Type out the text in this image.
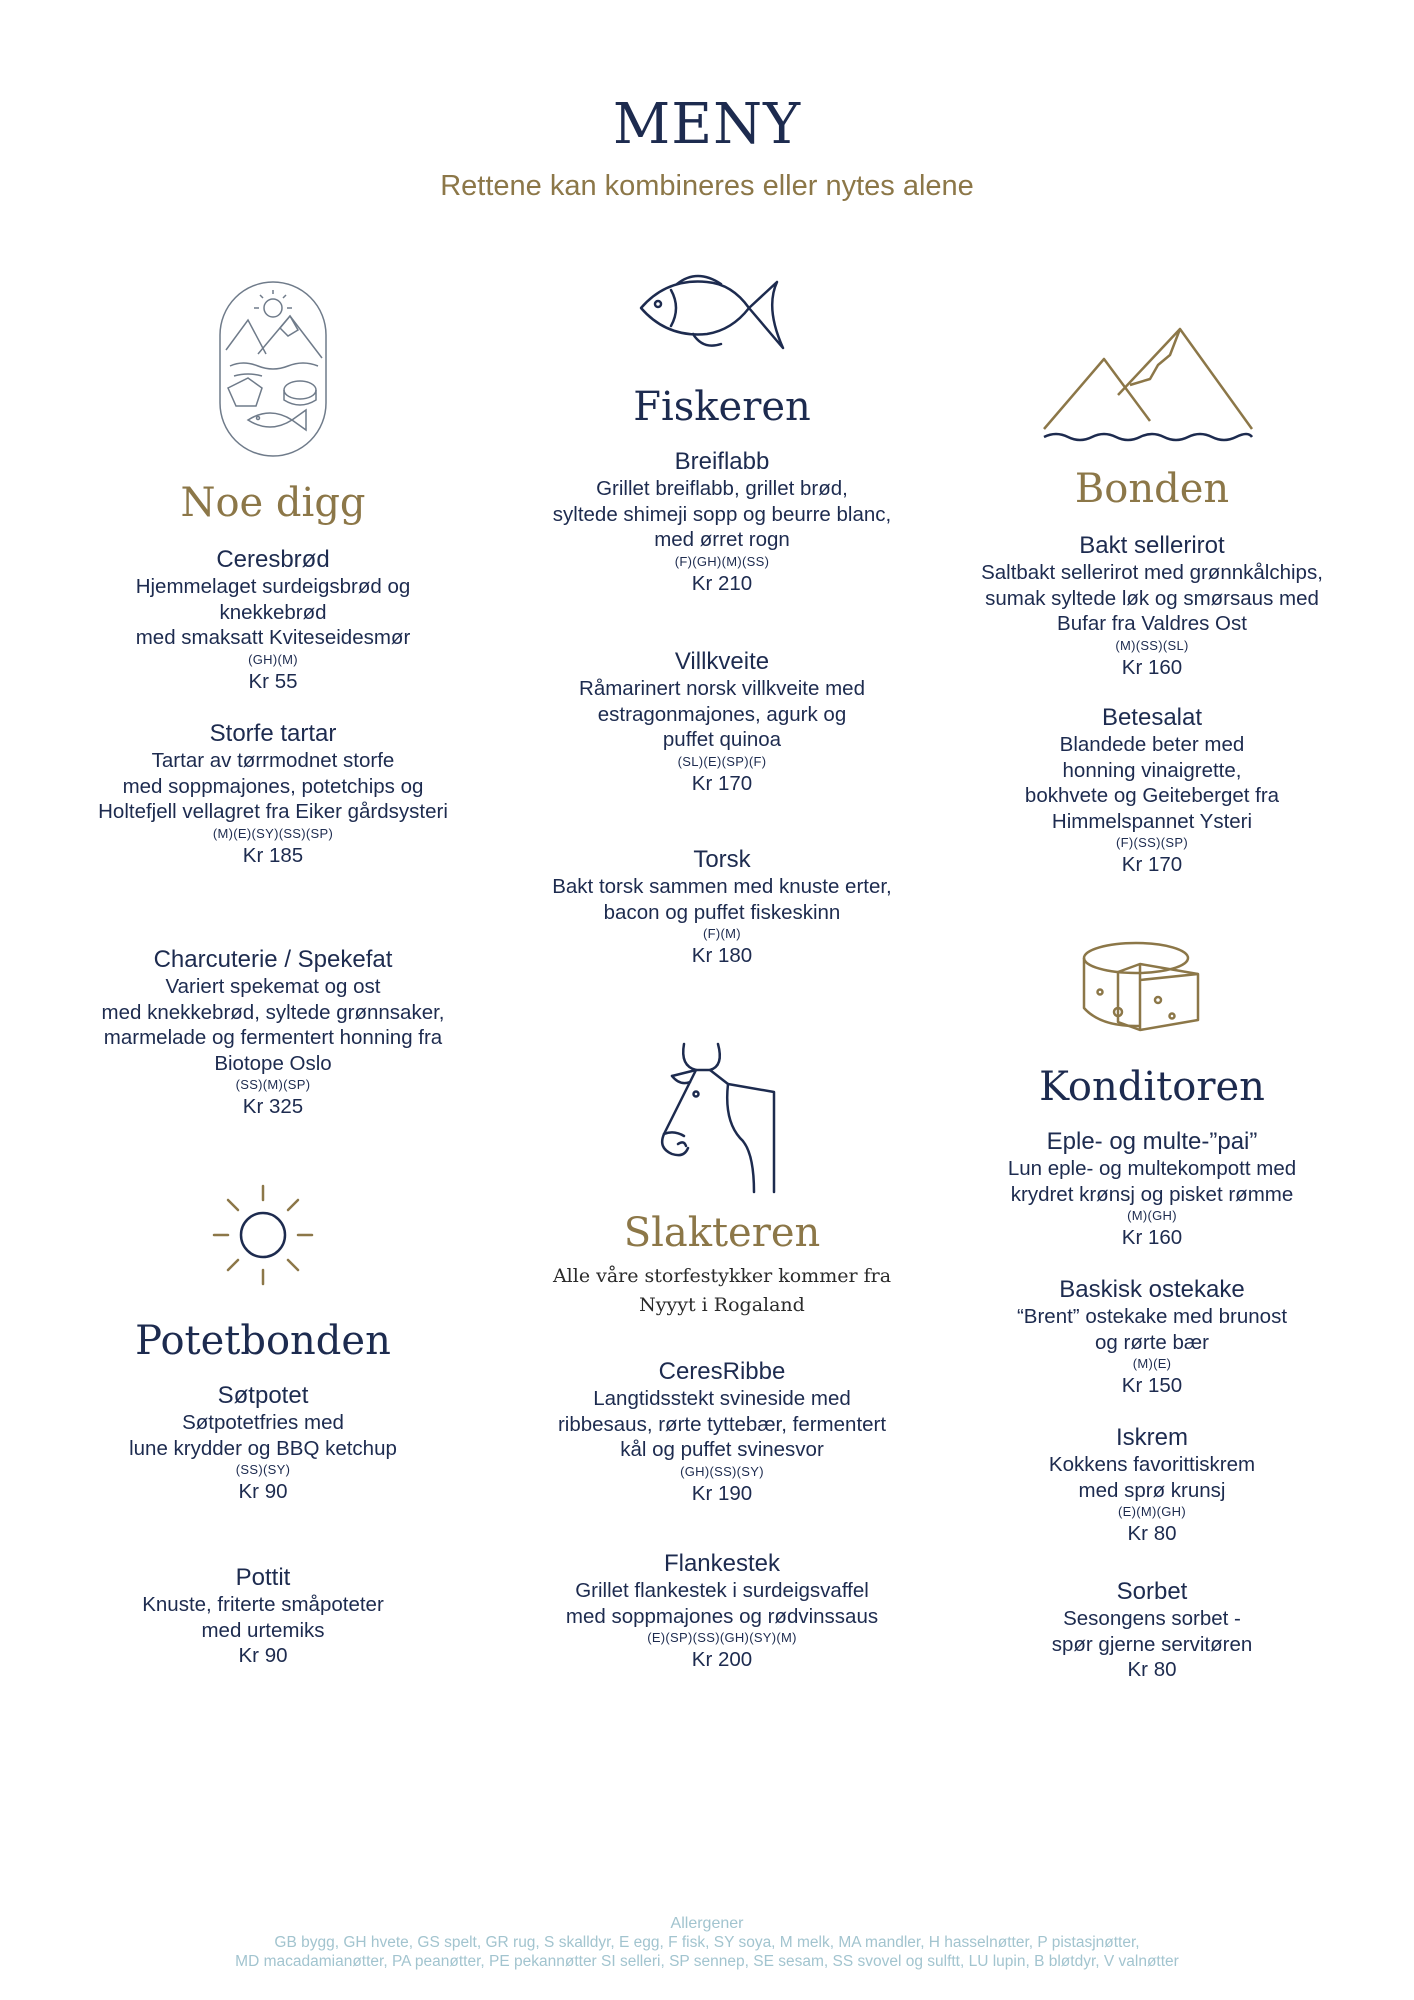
MENY
Rettene kan kombineres eller nytes alene
Noe digg
Fiskeren
Bonden
Konditoren
Slakteren
Potetbonden
Alle våre storfestykker kommer fra
Nyyyt i Rogaland
Ceresbrød
Hjemmelaget surdeigsbrød og
knekkebrød
med smaksatt Kviteseidesmør
(GH)(M)
Kr 55
Storfe tartar
Tartar av tørrmodnet storfe
med soppmajones, potetchips og
Holtefjell vellagret fra Eiker gårdsysteri
(M)(E)(SY)(SS)(SP)
Kr 185
Charcuterie / Spekefat
Variert spekemat og ost
med knekkebrød, syltede grønnsaker,
marmelade og fermentert honning fra
Biotope Oslo
(SS)(M)(SP)
Kr 325
Breiflabb
Grillet breiflabb, grillet brød,
syltede shimeji sopp og beurre blanc,
med ørret rogn
(F)(GH)(M)(SS)
Kr 210
Villkveite
Råmarinert norsk villkveite med
estragonmajones, agurk og
puffet quinoa
(SL)(E)(SP)(F)
Kr 170
Torsk
Bakt torsk sammen med knuste erter,
bacon og puffet fiskeskinn
(F)(M)
Kr 180
Bakt sellerirot
Saltbakt sellerirot med grønnkålchips,
sumak syltede løk og smørsaus med
Bufar fra Valdres Ost
(M)(SS)(SL)
Kr 160
Betesalat
Blandede beter med
honning vinaigrette,
bokhvete og Geiteberget fra
Himmelspannet Ysteri
(F)(SS)(SP)
Kr 170
Eple- og multe-”pai”
Lun eple- og multekompott med
krydret krønsj og pisket rømme
(M)(GH)
Kr 160
Baskisk ostekake
“Brent” ostekake med brunost
og rørte bær
(M)(E)
Kr 150
Iskrem
Kokkens favorittiskrem
med sprø krunsj
(E)(M)(GH)
Kr 80
Sorbet
Sesongens sorbet -
spør gjerne servitøren
Kr 80
CeresRibbe
Langtidsstekt svineside med
ribbesaus, rørte tyttebær, fermentert
kål og puffet svinesvor
(GH)(SS)(SY)
Kr 190
Flankestek
Grillet flankestek i surdeigsvaffel
med soppmajones og rødvinssaus
(E)(SP)(SS)(GH)(SY)(M)
Kr 200
Søtpotet
Søtpotetfries med
lune krydder og BBQ ketchup
(SS)(SY)
Kr 90
Pottit
Knuste, friterte småpoteter
med urtemiks
Kr 90
Allergener
GB bygg, GH hvete, GS spelt, GR rug, S skalldyr, E egg, F fisk, SY soya, M melk, MA mandler, H hasselnøtter, P pistasjnøtter,
MD macadamianøtter, PA peanøtter, PE pekannøtter SI selleri, SP sennep, SE sesam, SS svovel og sulftt, LU lupin, B bløtdyr, V valnøtter
